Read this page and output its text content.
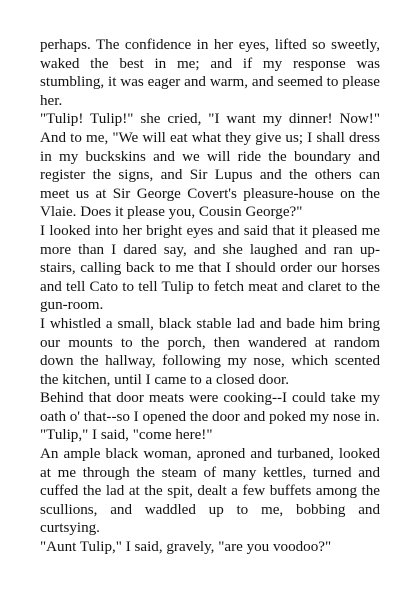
perhaps. The confidence in her eyes, lifted so sweetly, waked the best in me; and if my response was stumbling, it was eager and warm, and seemed to please her.

"Tulip! Tulip!" she cried, "I want my dinner! Now!" And to me, "We will eat what they give us; I shall dress in my buckskins and we will ride the boundary and register the signs, and Sir Lupus and the others can meet us at Sir George Covert's pleasure-house on the Vlaie. Does it please you, Cousin George?"

I looked into her bright eyes and said that it pleased me more than I dared say, and she laughed and ran up-stairs, calling back to me that I should order our horses and tell Cato to tell Tulip to fetch meat and claret to the gun-room.

I whistled a small, black stable lad and bade him bring our mounts to the porch, then wandered at random down the hallway, following my nose, which scented the kitchen, until I came to a closed door.

Behind that door meats were cooking--I could take my oath o' that--so I opened the door and poked my nose in.

"Tulip," I said, "come here!"

An ample black woman, aproned and turbaned, looked at me through the steam of many kettles, turned and cuffed the lad at the spit, dealt a few buffets among the scullions, and waddled up to me, bobbing and curtsying.

"Aunt Tulip," I said, gravely, "are you voodoo?"
